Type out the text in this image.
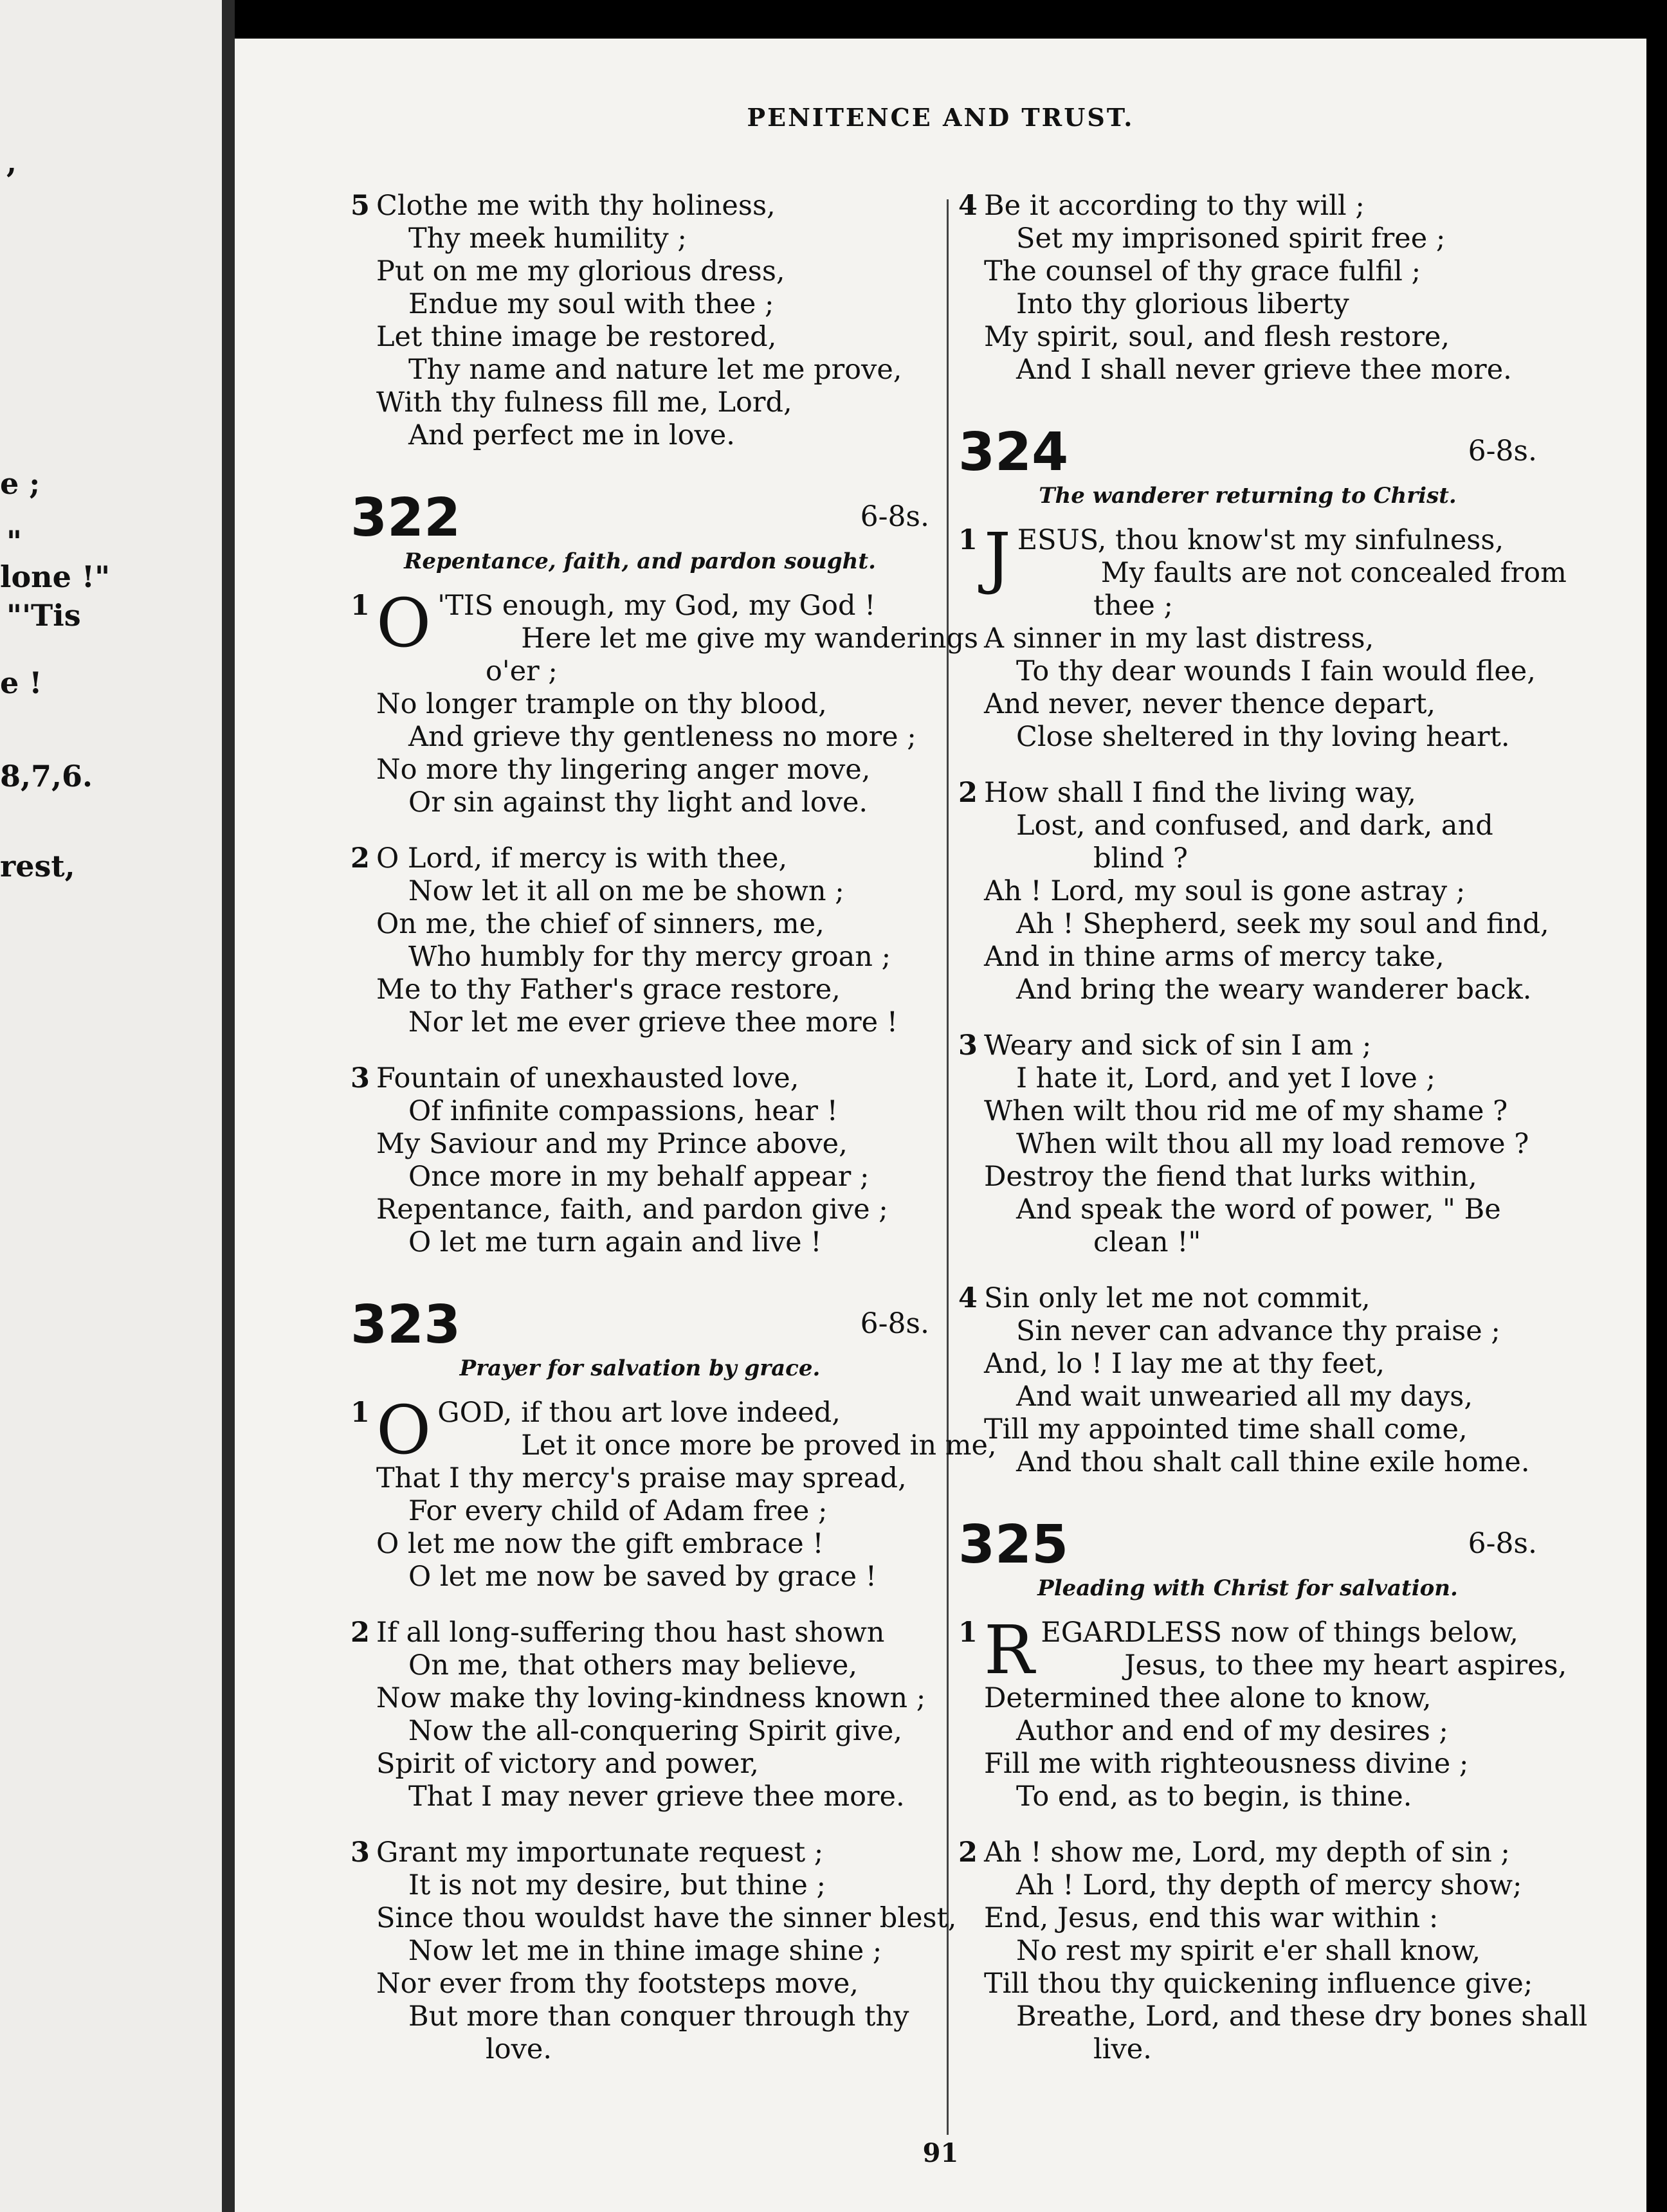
,
e ;
"
lone !"
"'Tis
e !
8,7,6.
rest,
PENITENCE AND TRUST.
5 Clothe me with thy holiness,
Thy meek humility ;
Put on me my glorious dress,
Endue my soul with thee ;
Let thine image be restored,
Thy name and nature let me prove,
With thy fulness fill me, Lord,
And perfect me in love.
322	6-8s.
Repentance, faith, and pardon sought.
1 O 'TIS enough, my God, my God !
Here let me give my wanderings
o'er ;
No longer trample on thy blood,
And grieve thy gentleness no more ;
No more thy lingering anger move,
Or sin against thy light and love.
2 O Lord, if mercy is with thee,
Now let it all on me be shown ;
On me, the chief of sinners, me,
Who humbly for thy mercy groan ;
Me to thy Father's grace restore,
Nor let me ever grieve thee more !
3 Fountain of unexhausted love,
Of infinite compassions, hear !
My Saviour and my Prince above,
Once more in my behalf appear ;
Repentance, faith, and pardon give ;
O let me turn again and live !
323	6-8s.
Prayer for salvation by grace.
1 O GOD, if thou art love indeed,
Let it once more be proved in me,
That I thy mercy's praise may spread,
For every child of Adam free ;
O let me now the gift embrace !
O let me now be saved by grace !
2 If all long-suffering thou hast shown
On me, that others may believe,
Now make thy loving-kindness known ;
Now the all-conquering Spirit give,
Spirit of victory and power,
That I may never grieve thee more.
3 Grant my importunate request ;
It is not my desire, but thine ;
Since thou wouldst have the sinner blest,
Now let me in thine image shine ;
Nor ever from thy footsteps move,
But more than conquer through thy
love.
4 Be it according to thy will ;
Set my imprisoned spirit free ;
The counsel of thy grace fulfil ;
Into thy glorious liberty
My spirit, soul, and flesh restore,
And I shall never grieve thee more.
324	6-8s.
The wanderer returning to Christ.
1 J ESUS, thou know'st my sinfulness,
My faults are not concealed from
thee ;
A sinner in my last distress,
To thy dear wounds I fain would flee,
And never, never thence depart,
Close sheltered in thy loving heart.
2 How shall I find the living way,
Lost, and confused, and dark, and
blind ?
Ah ! Lord, my soul is gone astray ;
Ah ! Shepherd, seek my soul and find,
And in thine arms of mercy take,
And bring the weary wanderer back.
3 Weary and sick of sin I am ;
I hate it, Lord, and yet I love ;
When wilt thou rid me of my shame ?
When wilt thou all my load remove ?
Destroy the fiend that lurks within,
And speak the word of power, " Be
clean !"
4 Sin only let me not commit,
Sin never can advance thy praise ;
And, lo ! I lay me at thy feet,
And wait unwearied all my days,
Till my appointed time shall come,
And thou shalt call thine exile home.
325	6-8s.
Pleading with Christ for salvation.
1 R EGARDLESS now of things below,
Jesus, to thee my heart aspires,
Determined thee alone to know,
Author and end of my desires ;
Fill me with righteousness divine ;
To end, as to begin, is thine.
2 Ah ! show me, Lord, my depth of sin ;
Ah ! Lord, thy depth of mercy show;
End, Jesus, end this war within :
No rest my spirit e'er shall know,
Till thou thy quickening influence give;
Breathe, Lord, and these dry bones shall
live.
91
